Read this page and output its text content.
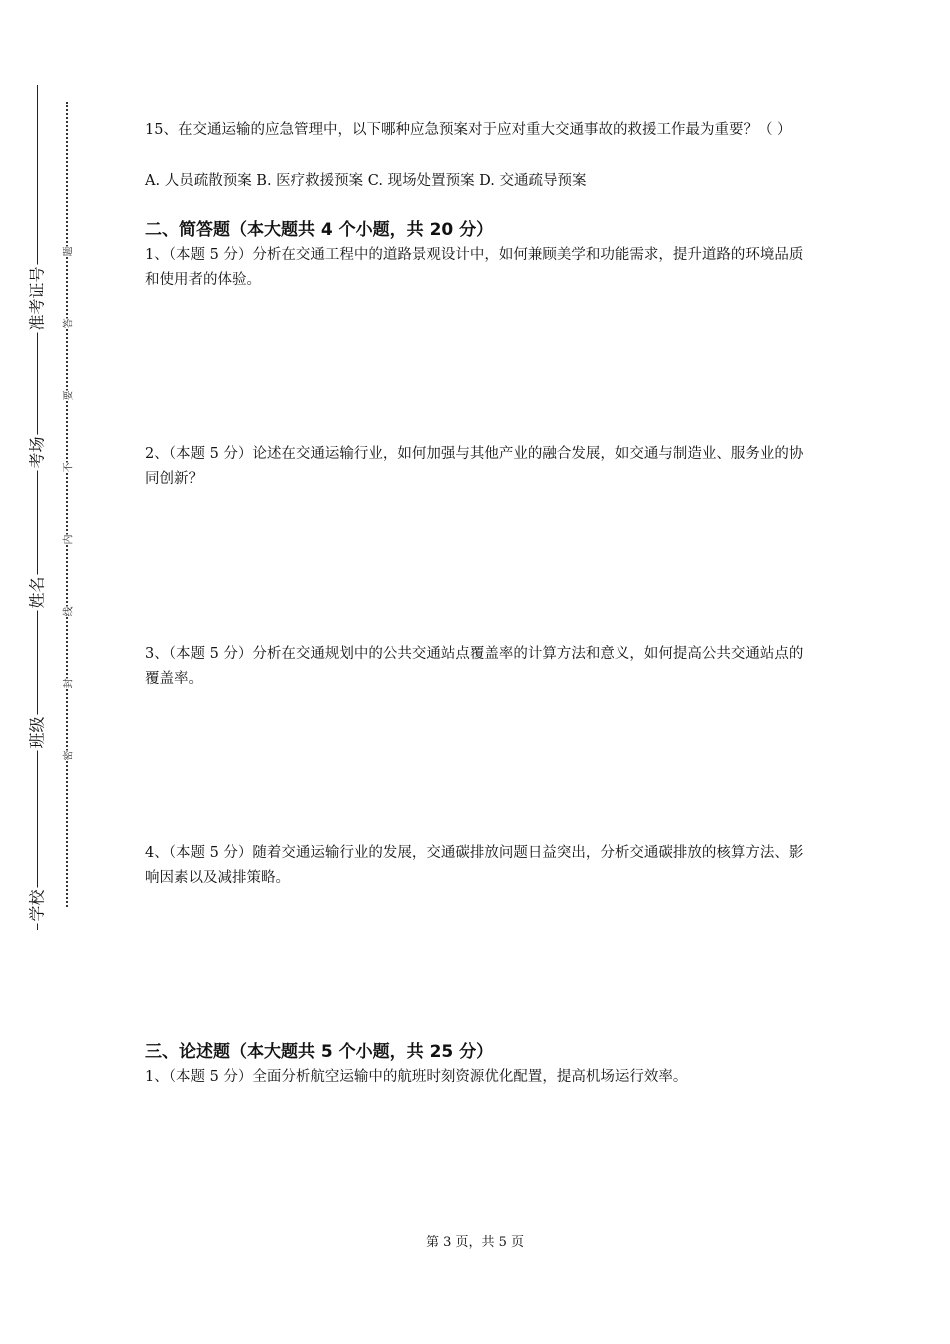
准考证号
考场
姓名
班级
学校
题
答
要
不
内
线
封
密
15、在交通运输的应急管理中，以下哪种应急预案对于应对重大交通事故的救援工作最为重要？（ ）
A. 人员疏散预案 B. 医疗救援预案 C. 现场处置预案 D. 交通疏导预案
二、简答题（本大题共 4 个小题，共 20 分）
1、（本题 5 分）分析在交通工程中的道路景观设计中，如何兼顾美学和功能需求，提升道路的环境品质和使用者的体验。
2、（本题 5 分）论述在交通运输行业，如何加强与其他产业的融合发展，如交通与制造业、服务业的协同创新？
3、（本题 5 分）分析在交通规划中的公共交通站点覆盖率的计算方法和意义，如何提高公共交通站点的覆盖率。
4、（本题 5 分）随着交通运输行业的发展，交通碳排放问题日益突出，分析交通碳排放的核算方法、影响因素以及减排策略。
三、论述题（本大题共 5 个小题，共 25 分）
1、（本题 5 分）全面分析航空运输中的航班时刻资源优化配置，提高机场运行效率。
第 3 页，共 5 页
